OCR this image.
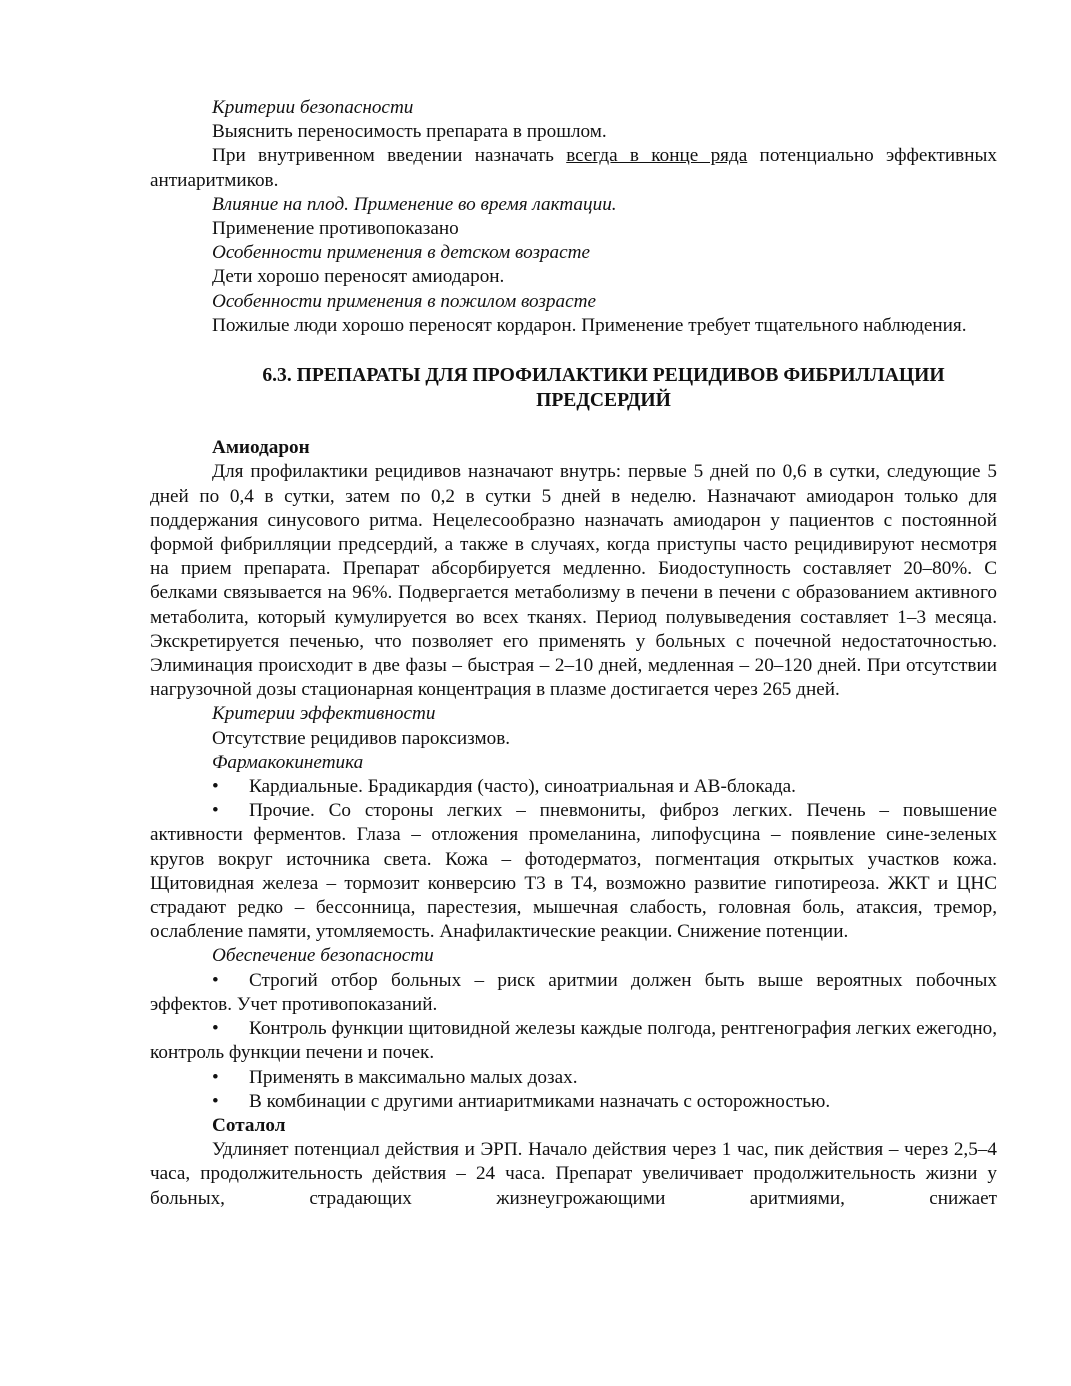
Критерии безопасности

Выяснить переносимость препарата в прошлом.

При внутривенном введении назначать всегда в конце ряда потенциально эффективных антиаритмиков.

Влияние на плод. Применение во время лактации.

Применение противопоказано

Особенности применения в детском возрасте

Дети хорошо переносят амиодарон.

Особенности применения в пожилом возрасте

Пожилые люди хорошо переносят кордарон. Применение требует тщательного наблюдения.

6.3. ПРЕПАРАТЫ ДЛЯ ПРОФИЛАКТИКИ РЕЦИДИВОВ ФИБРИЛЛАЦИИ
ПРЕДСЕРДИЙ

Амиодарон

Для профилактики рецидивов назначают внутрь: первые 5 дней по 0,6 в сутки, следующие 5 дней по 0,4 в сутки, затем по 0,2 в сутки 5 дней в неделю. Назначают амиодарон только для поддержания синусового ритма. Нецелесообразно назначать амиодарон у пациентов с постоянной формой фибрилляции предсердий, а также в случаях, когда приступы часто рецидивируют несмотря на прием препарата. Препарат абсорбируется медленно. Биодоступность составляет 20–80%. С белками связывается на 96%. Подвергается метаболизму в печени в печени с образованием активного метаболита, который кумулируется во всех тканях. Период полувыведения составляет 1–3 месяца. Экскретируется печенью, что позволяет его применять у больных с почечной недостаточностью. Элиминация происходит в две фазы – быстрая – 2–10 дней, медленная – 20–120 дней. При отсутствии нагрузочной дозы стационарная концентрация в плазме достигается через 265 дней.

Критерии эффективности

Отсутствие рецидивов пароксизмов.

Фармакокинетика

• Кардиальные. Брадикардия (часто), синоатриальная и АВ-блокада.

• Прочие. Со стороны легких – пневмониты, фиброз легких. Печень – повышение активности ферментов. Глаза – отложения промеланина, липофусцина – появление сине-зеленых кругов вокруг источника света. Кожа – фотодерматоз, погментация открытых участков кожа. Щитовидная железа – тормозит конверсию Т3 в Т4, возможно развитие гипотиреоза. ЖКТ и ЦНС страдают редко – бессонница, парестезия, мышечная слабость, головная боль, атаксия, тремор, ослабление памяти, утомляемость. Анафилактические реакции. Снижение потенции.

Обеспечение безопасности

• Строгий отбор больных – риск аритмии должен быть выше вероятных побочных эффектов. Учет противопоказаний.

• Контроль функции щитовидной железы каждые полгода, рентгенография легких ежегодно, контроль функции печени и почек.

• Применять в максимально малых дозах.

• В комбинации с другими антиаритмиками назначать с осторожностью.

Соталол

Удлиняет потенциал действия и ЭРП. Начало действия через 1 час, пик действия – через 2,5–4 часа, продолжительность действия – 24 часа. Препарат увеличивает продолжительность жизни у больных, страдающих жизнеугрожающими аритмиями, снижает
